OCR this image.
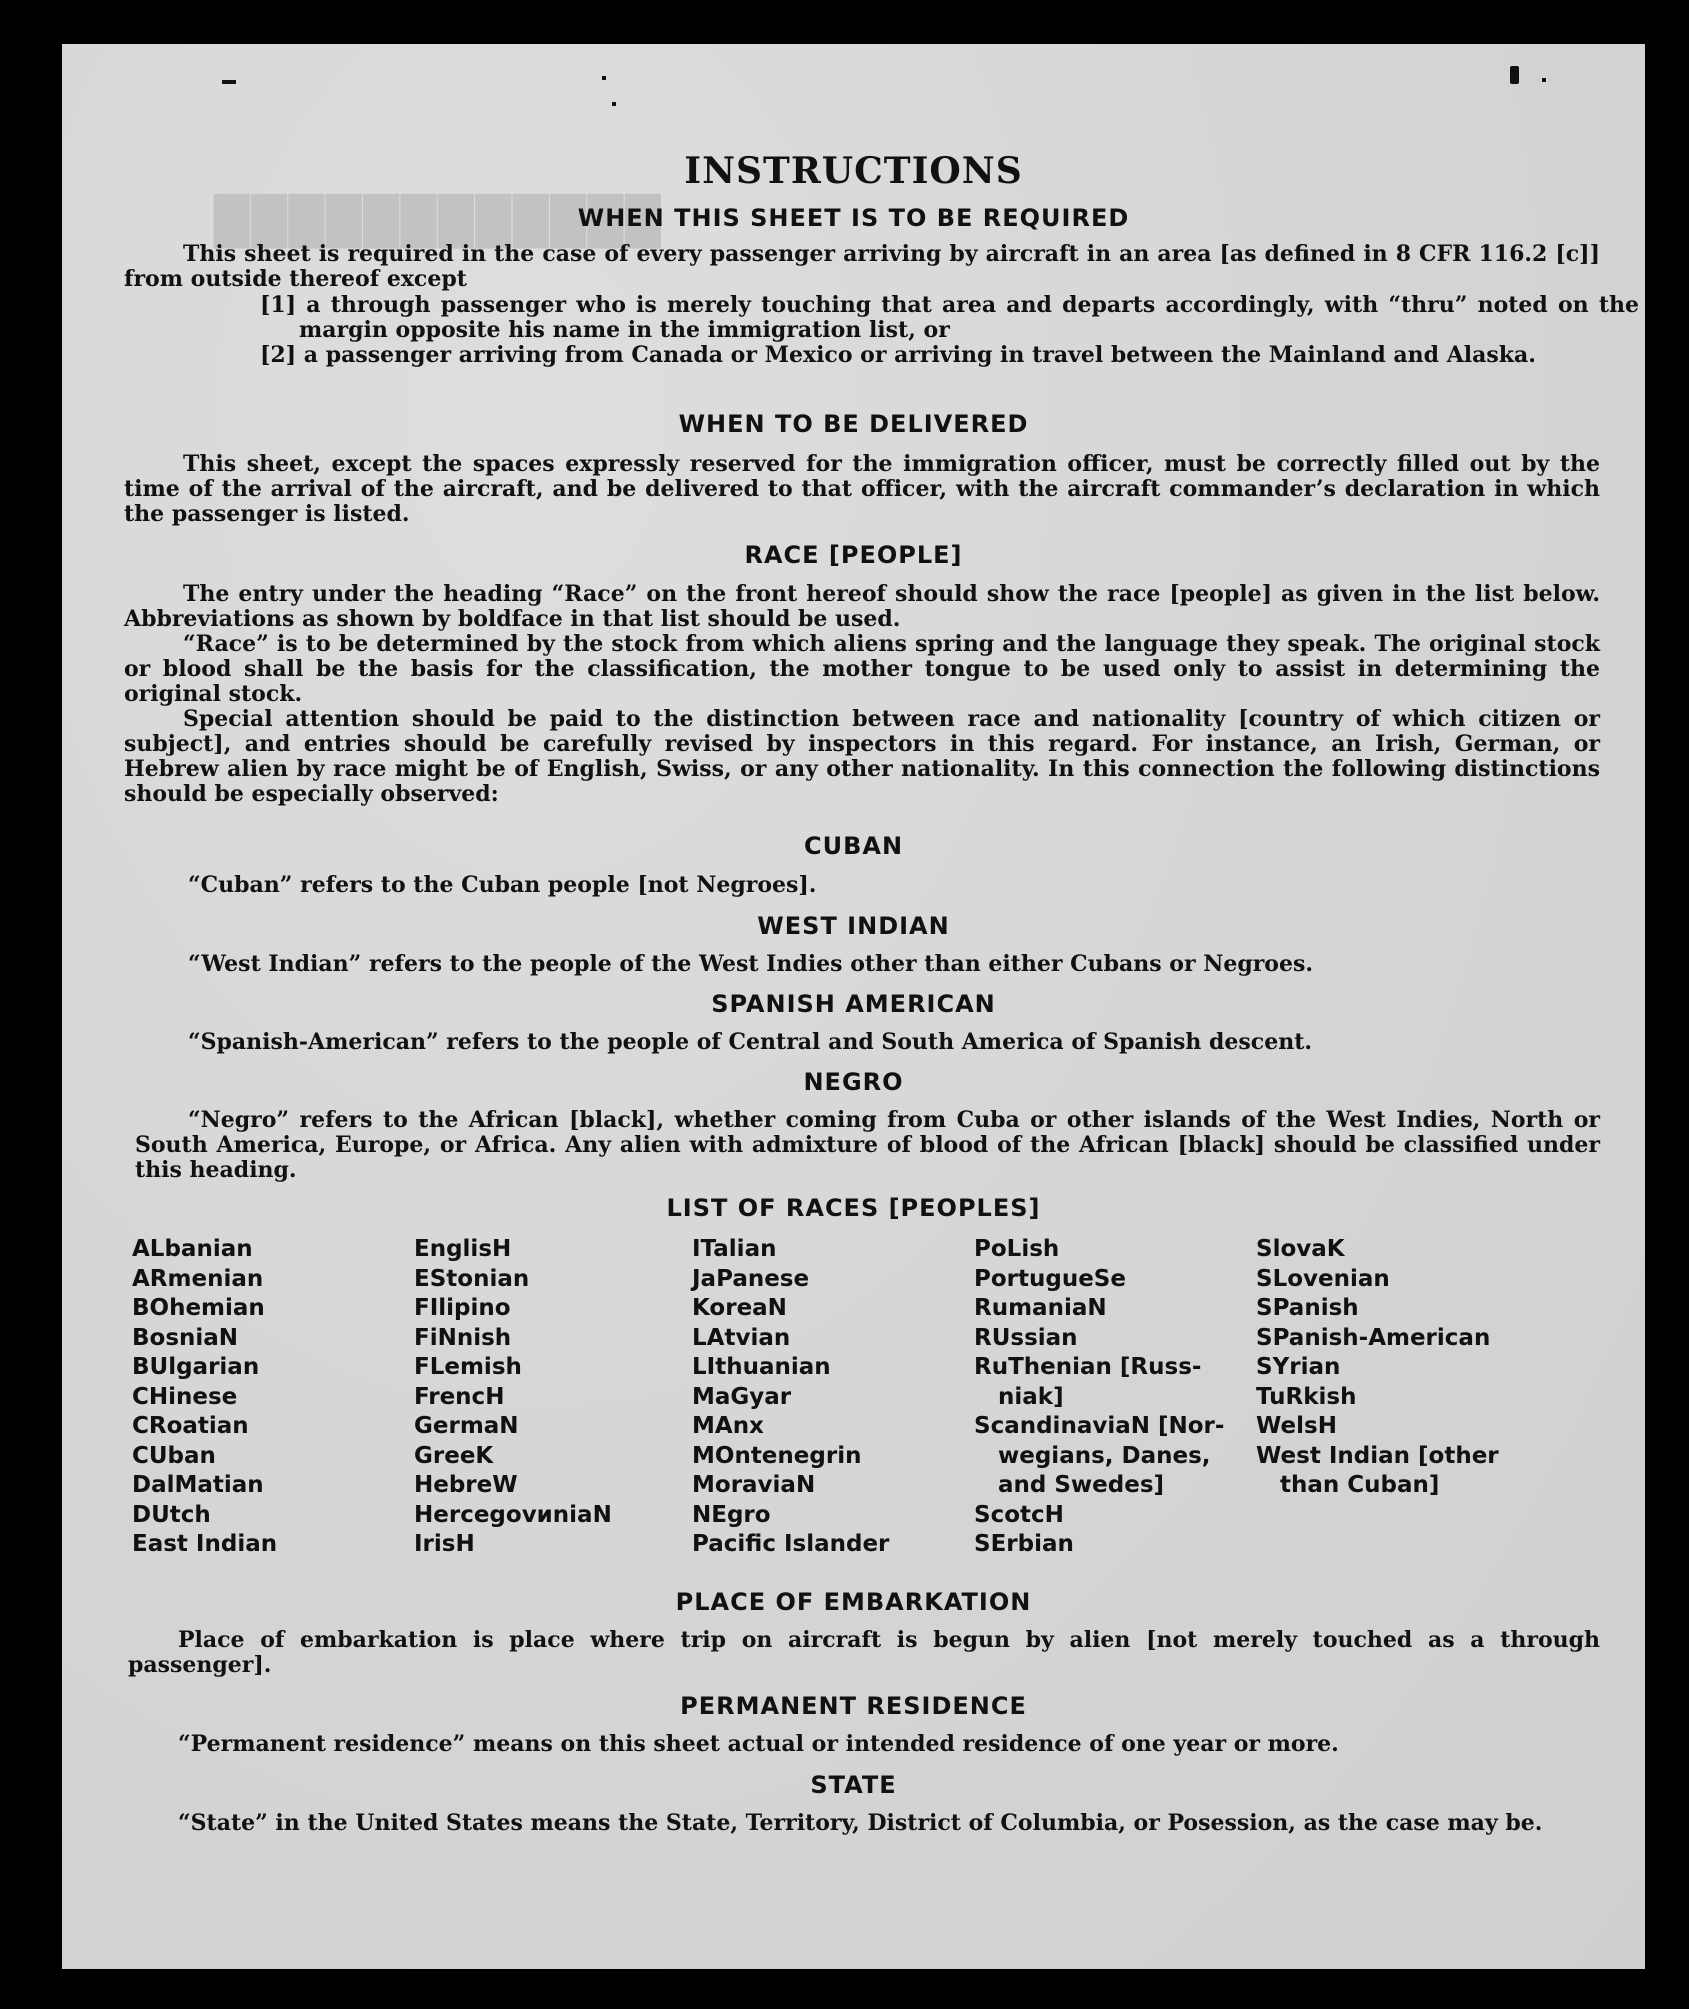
████████████
INSTRUCTIONS
WHEN THIS SHEET IS TO BE REQUIRED
This sheet is required in the case of every passenger arriving by aircraft in an area [as defined in 8 CFR 116.2 [c]] from outside thereof except
[1] a through passenger who is merely touching that area and departs accordingly, with “thru” noted on the margin opposite his name in the immigration list, or
[2] a passenger arriving from Canada or Mexico or arriving in travel between the Mainland and Alaska.
WHEN TO BE DELIVERED
This sheet, except the spaces expressly reserved for the immigration officer, must be correctly filled out by the time of the arrival of the aircraft, and be delivered to that officer, with the aircraft commander’s declaration in which the passenger is listed.
RACE [PEOPLE]
The entry under the heading “Race” on the front hereof should show the race [people] as given in the list below. Abbreviations as shown by boldface in that list should be used.
“Race” is to be determined by the stock from which aliens spring and the language they speak. The original stock or blood shall be the basis for the classification, the mother tongue to be used only to assist in determining the original stock.
Special attention should be paid to the distinction between race and nationality [country of which citizen or subject], and entries should be carefully revised by inspectors in this regard. For instance, an Irish, German, or Hebrew alien by race might be of English, Swiss, or any other nationality. In this connection the following distinctions should be especially observed:
CUBAN
“Cuban” refers to the Cuban people [not Negroes].
WEST INDIAN
“West Indian” refers to the people of the West Indies other than either Cubans or Negroes.
SPANISH AMERICAN
“Spanish-American” refers to the people of Central and South America of Spanish descent.
NEGRO
“Negro” refers to the African [black], whether coming from Cuba or other islands of the West Indies, North or South America, Europe, or Africa. Any alien with admixture of blood of the African [black] should be classified under this heading.
LIST OF RACES [PEOPLES]
ALbanian
ARmenian
BOhemian
BosniaN
BUlgarian
CHinese
CRoatian
CUban
DalMatian
DUtch
East Indian
EnglisH
EStonian
FIlipino
FiNnish
FLemish
FrencH
GermaN
GreeK
HebreW
HercegovиniaN
IrisH
ITalian
JaPanese
KoreaN
LAtvian
LIthuanian
MaGyar
MAnx
MOntenegrin
MoraviaN
NEgro
Pacific Islander
PoLish
PortugueSe
RumaniaN
RUssian
RuThenian [Russ-
niak]
ScandinaviaN [Nor-
wegians, Danes,
and Swedes]
ScotcH
SErbian
SlovaK
SLovenian
SPanish
SPanish-American
SYrian
TuRkish
WelsH
West Indian [other
than Cuban]
PLACE OF EMBARKATION
Place of embarkation is place where trip on aircraft is begun by alien [not merely touched as a through passenger].
PERMANENT RESIDENCE
“Permanent residence” means on this sheet actual or intended residence of one year or more.
STATE
“State” in the United States means the State, Territory, District of Columbia, or Posession, as the case may be.
